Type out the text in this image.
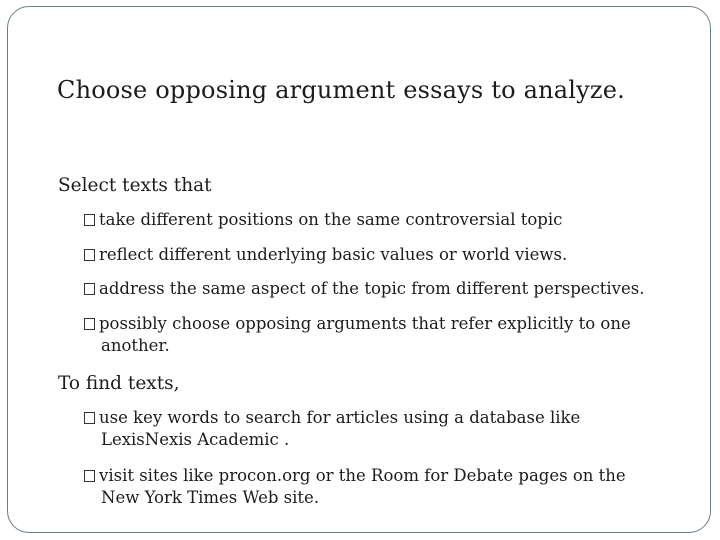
Choose opposing argument essays to analyze.

Select texts that

take different positions on the same controversial topic
reflect different underlying basic values or world views.
address the same aspect of the topic from different perspectives.
possibly choose opposing arguments that refer explicitly to one
another.

To find texts,

use key words to search for articles using a database like
LexisNexis Academic .
visit sites like procon.org or the Room for Debate pages on the
New York Times Web site.
